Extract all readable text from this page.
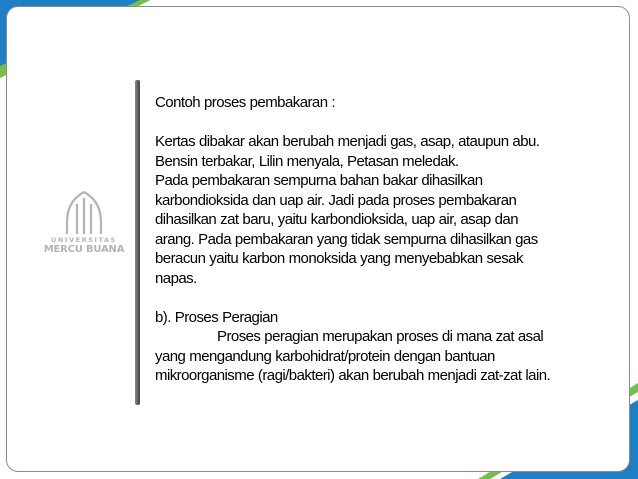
UNIVERSITAS
MERCU BUANA

Contoh proses pembakaran :

Kertas dibakar akan berubah menjadi gas, asap, ataupun abu.

Bensin terbakar, Lilin menyala, Petasan meledak.

Pada pembakaran sempurna bahan bakar dihasilkan

karbondioksida dan uap air. Jadi pada proses pembakaran

dihasilkan zat baru, yaitu karbondioksida, uap air, asap dan

arang. Pada pembakaran yang tidak sempurna dihasilkan gas

beracun yaitu karbon monoksida yang menyebabkan sesak

napas.

b). Proses Peragian

Proses peragian merupakan proses di mana zat asal

yang mengandung karbohidrat/protein dengan bantuan

mikroorganisme (ragi/bakteri) akan berubah menjadi zat-zat lain.
